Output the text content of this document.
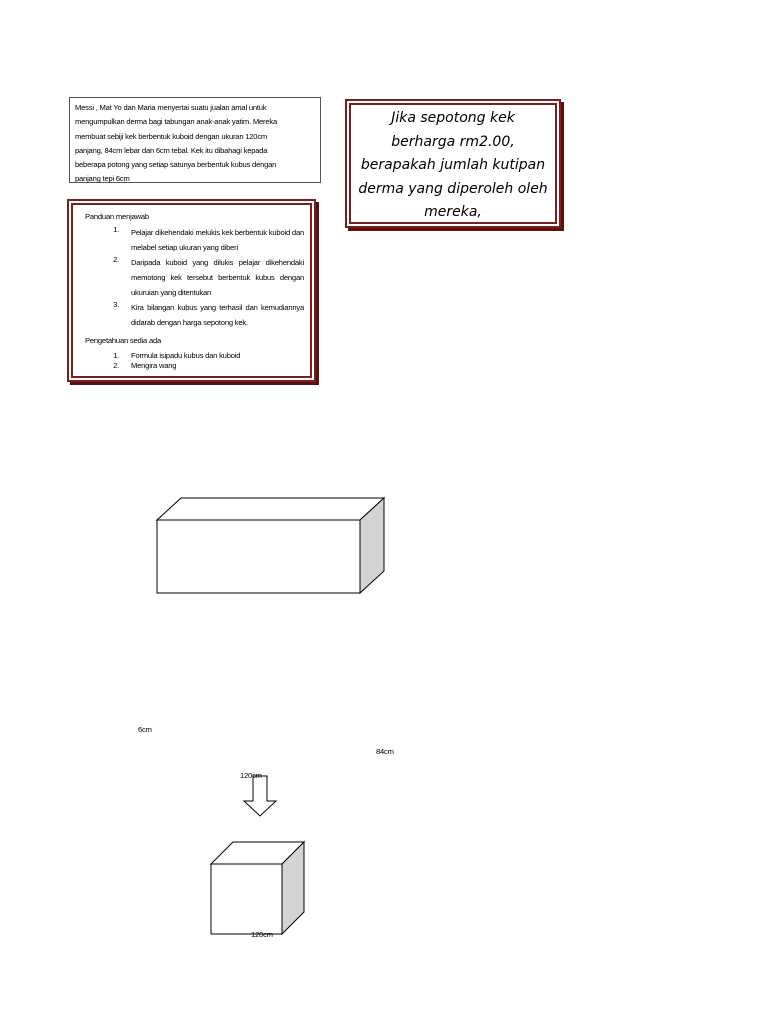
Messi , Mat Yo dan Maria menyertai suatu jualan amal untuk
mengumpulkan derma bagi tabungan anak-anak yatim. Mereka
membuat sebiji kek berbentuk kuboid dengan ukuran 120cm
panjang, 84cm lebar dan 6cm tebal. Kek itu dibahagi kepada
beberapa potong yang setiap satunya berbentuk kubus dengan
panjang tepi 6cm
Jika sepotong kek
berharga rm2.00,
berapakah jumlah kutipan
derma yang diperoleh oleh
mereka,
Panduan menjawab
1.	Pelajar dikehendaki melukis kek berbentuk kuboid dan melabel setiap ukuran yang diberi
2.	Daripada kuboid yang dilukis pelajar dikehendaki memotong kek tersebut berbentuk kubus dengan ukuruian yang ditentukan
3.	Kira bilangan kubus yang terhasil dan kemudiannya didarab dengan harga sepotong kek.
Pengetahuan sedia ada
1.	Formula isipadu kubus dan kuboid
2.	Mengira wang
6cm
84cm
120cm
120cm
